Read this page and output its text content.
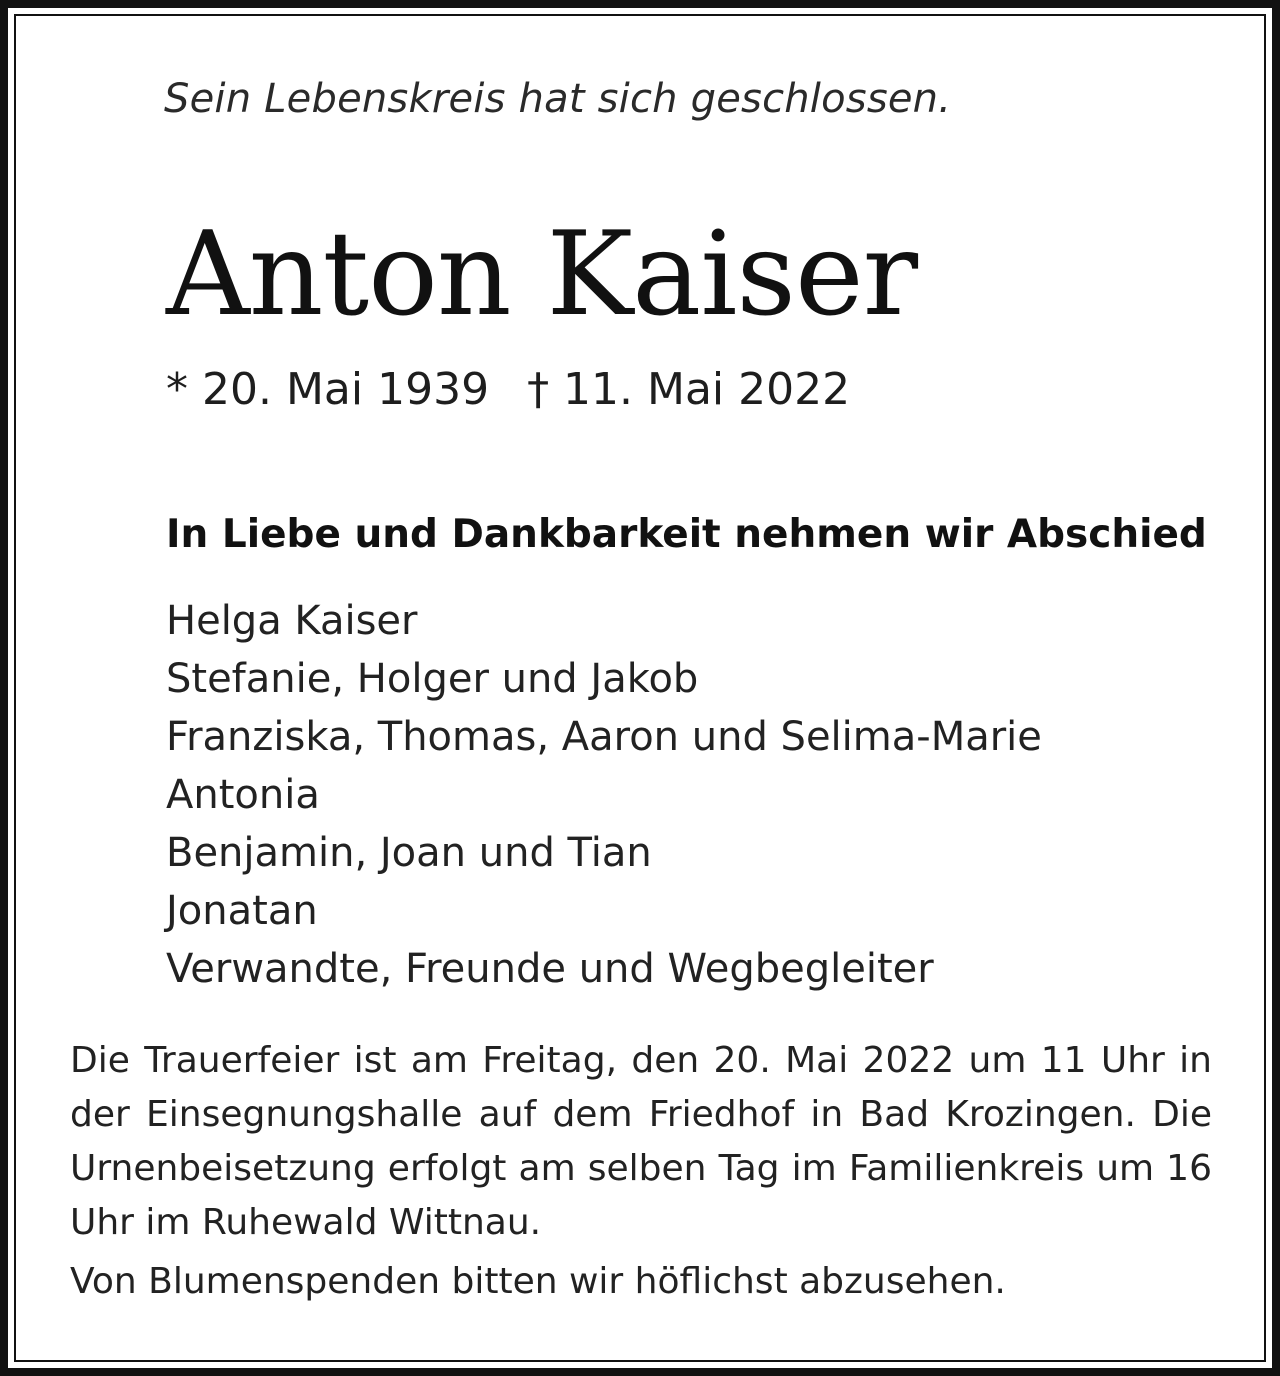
Sein Lebenskreis hat sich geschlossen.
Anton Kaiser
* 20. Mai 1939 † 11. Mai 2022
In Liebe und Dankbarkeit nehmen wir Abschied
Helga Kaiser
Stefanie, Holger und Jakob
Franziska, Thomas, Aaron und Selima-Marie
Antonia
Benjamin, Joan und Tian
Jonatan
Verwandte, Freunde und Wegbegleiter

Die Trauerfeier ist am Freitag, den 20. Mai 2022 um 11 Uhr in der Einsegnungshalle auf dem Friedhof in Bad Krozingen. Die Urnenbeisetzung erfolgt am selben Tag im Familienkreis um 16 Uhr im Ruhewald Wittnau.

Von Blumenspenden bitten wir höflichst abzusehen.
